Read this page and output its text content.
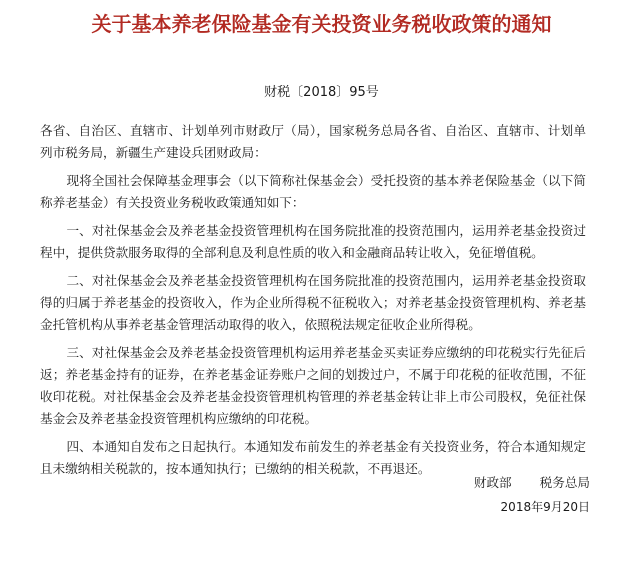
关于基本养老保险基金有关投资业务税收政策的通知
财税〔2018〕95号

各省、自治区、直辖市、计划单列市财政厅（局），国家税务总局各省、自治区、直辖市、计划单列市税务局，新疆生产建设兵团财政局：

现将全国社会保障基金理事会（以下简称社保基金会）受托投资的基本养老保险基金（以下简称养老基金）有关投资业务税收政策通知如下：

一、对社保基金会及养老基金投资管理机构在国务院批准的投资范围内，运用养老基金投资过程中，提供贷款服务取得的全部利息及利息性质的收入和金融商品转让收入，免征增值税。

二、对社保基金会及养老基金投资管理机构在国务院批准的投资范围内，运用养老基金投资取得的归属于养老基金的投资收入，作为企业所得税不征税收入；对养老基金投资管理机构、养老基金托管机构从事养老基金管理活动取得的收入，依照税法规定征收企业所得税。

三、对社保基金会及养老基金投资管理机构运用养老基金买卖证券应缴纳的印花税实行先征后返；养老基金持有的证券，在养老基金证券账户之间的划拨过户，不属于印花税的征收范围，不征收印花税。对社保基金会及养老基金投资管理机构管理的养老基金转让非上市公司股权，免征社保基金会及养老基金投资管理机构应缴纳的印花税。

四、本通知自发布之日起执行。本通知发布前发生的养老基金有关投资业务，符合本通知规定且未缴纳相关税款的，按本通知执行；已缴纳的相关税款，不再退还。

财政部 税务总局
2018年9月20日
